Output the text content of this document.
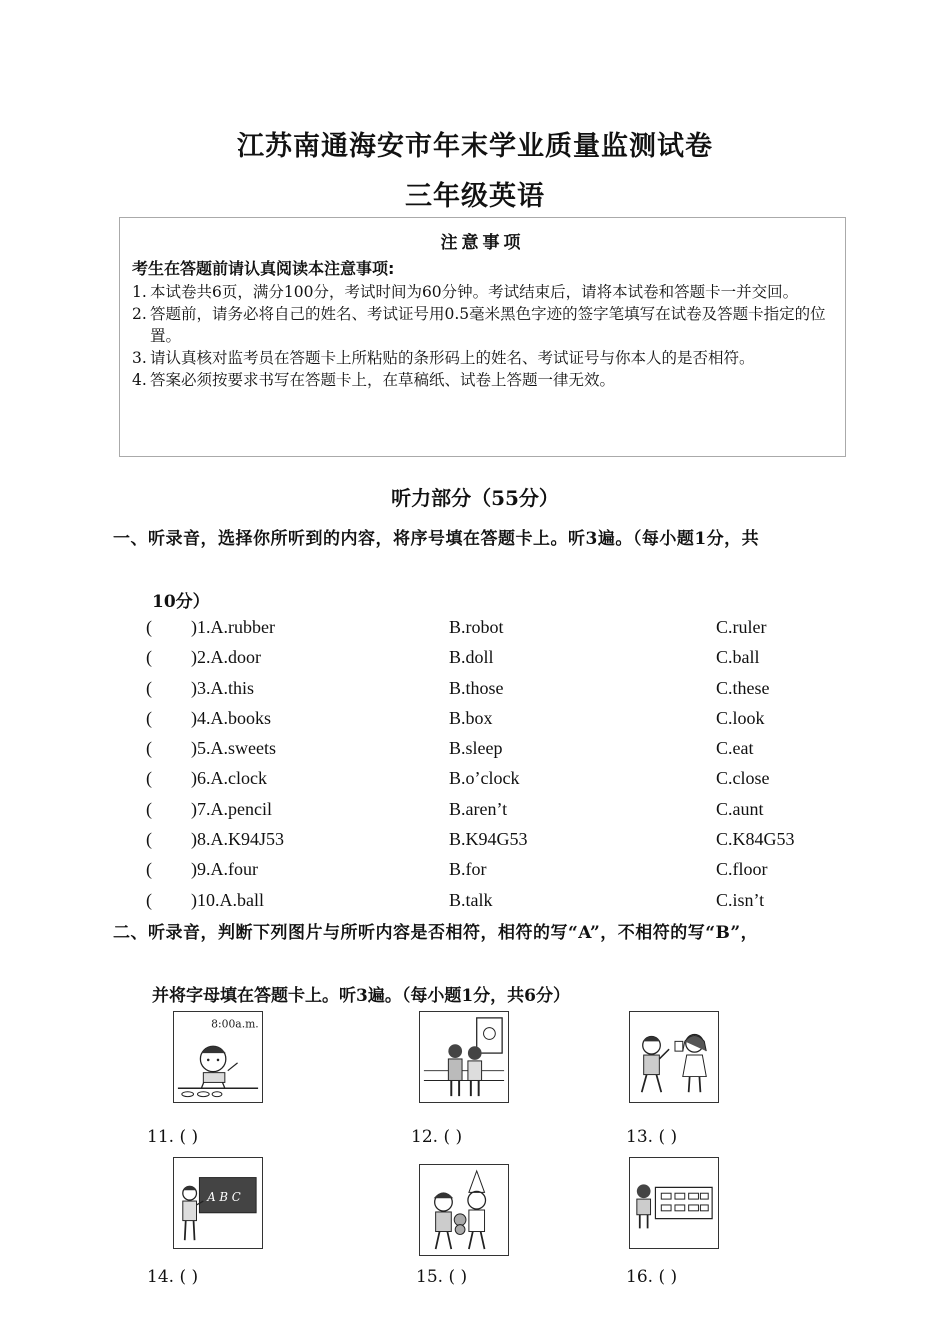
江苏南通海安市年末学业质量监测试卷
三年级英语
注意事项
考生在答题前请认真阅读本注意事项:
1. 本试卷共6页，满分100分，考试时间为60分钟。考试结束后，请将本试卷和答题卡一并交回。
2. 答题前，请务必将自己的姓名、考试证号用0.5毫米黑色字迹的签字笔填写在试卷及答题卡指定的位置。
3. 请认真核对监考员在答题卡上所粘贴的条形码上的姓名、考试证号与你本人的是否相符。
4. 答案必须按要求书写在答题卡上，在草稿纸、试卷上答题一律无效。
听力部分（55分）
一、听录音，选择你所听到的内容，将序号填在答题卡上。听3遍。（每小题1分，共
10分）
( )1.A.rubber	B.robot	C.ruler
( )2.A.door	B.doll	C.ball
( )3.A.this	B.those	C.these
( )4.A.books	B.box	C.look
( )5.A.sweets	B.sleep	C.eat
( )6.A.clock	B.o’clock	C.close
( )7.A.pencil	B.aren’t	C.aunt
( )8.A.K94J53	B.K94G53	C.K84G53
( )9.A.four	B.for	C.floor
( )10.A.ball	B.talk	C.isn’t
二、听录音，判断下列图片与所听内容是否相符，相符的写“A”，不相符的写“B”，
并将字母填在答题卡上。听3遍。（每小题1分，共6分）
8:00a.m.
A B C
11. ( )	12. ( )	13. ( )
14. ( )	15. ( )	16. ( )
